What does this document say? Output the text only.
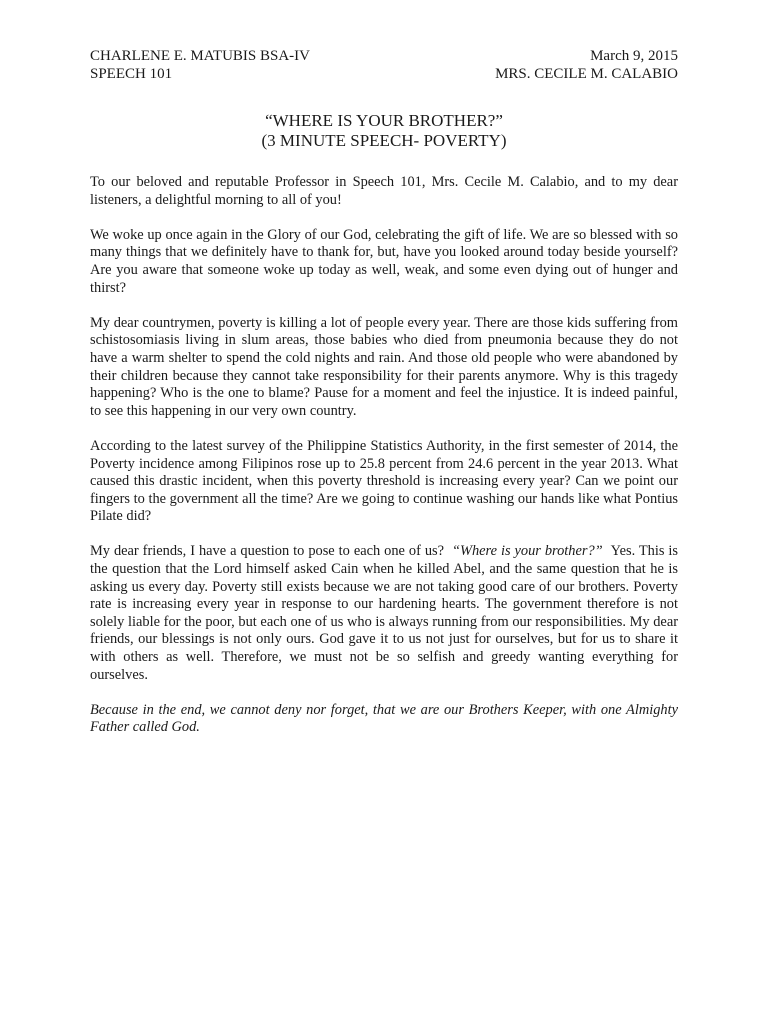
CHARLENE E. MATUBIS BSA-IV	March 9, 2015
SPEECH 101	MRS. CECILE M. CALABIO
“WHERE IS YOUR BROTHER?”
(3 MINUTE SPEECH- POVERTY)

To our beloved and reputable Professor in Speech 101, Mrs. Cecile M. Calabio, and to my dear listeners, a delightful morning to all of you!

We woke up once again in the Glory of our God, celebrating the gift of life. We are so blessed with so many things that we definitely have to thank for, but, have you looked around today beside yourself? Are you aware that someone woke up today as well, weak, and some even dying out of hunger and thirst?

My dear countrymen, poverty is killing a lot of people every year. There are those kids suffering from schistosomiasis living in slum areas, those babies who died from pneumonia because they do not have a warm shelter to spend the cold nights and rain. And those old people who were abandoned by their children because they cannot take responsibility for their parents anymore. Why is this tragedy happening? Who is the one to blame? Pause for a moment and feel the injustice. It is indeed painful, to see this happening in our very own country.

According to the latest survey of the Philippine Statistics Authority, in the first semester of 2014, the Poverty incidence among Filipinos rose up to 25.8 percent from 24.6 percent in the year 2013. What caused this drastic incident, when this poverty threshold is increasing every year? Can we point our fingers to the government all the time? Are we going to continue washing our hands like what Pontius Pilate did?

My dear friends, I have a question to pose to each one of us? “Where is your brother?” Yes. This is the question that the Lord himself asked Cain when he killed Abel, and the same question that he is asking us every day. Poverty still exists because we are not taking good care of our brothers. Poverty rate is increasing every year in response to our hardening hearts. The government therefore is not solely liable for the poor, but each one of us who is always running from our responsibilities. My dear friends, our blessings is not only ours. God gave it to us not just for ourselves, but for us to share it with others as well. Therefore, we must not be so selfish and greedy wanting everything for ourselves.

Because in the end, we cannot deny nor forget, that we are our Brothers Keeper, with one Almighty Father called God.
